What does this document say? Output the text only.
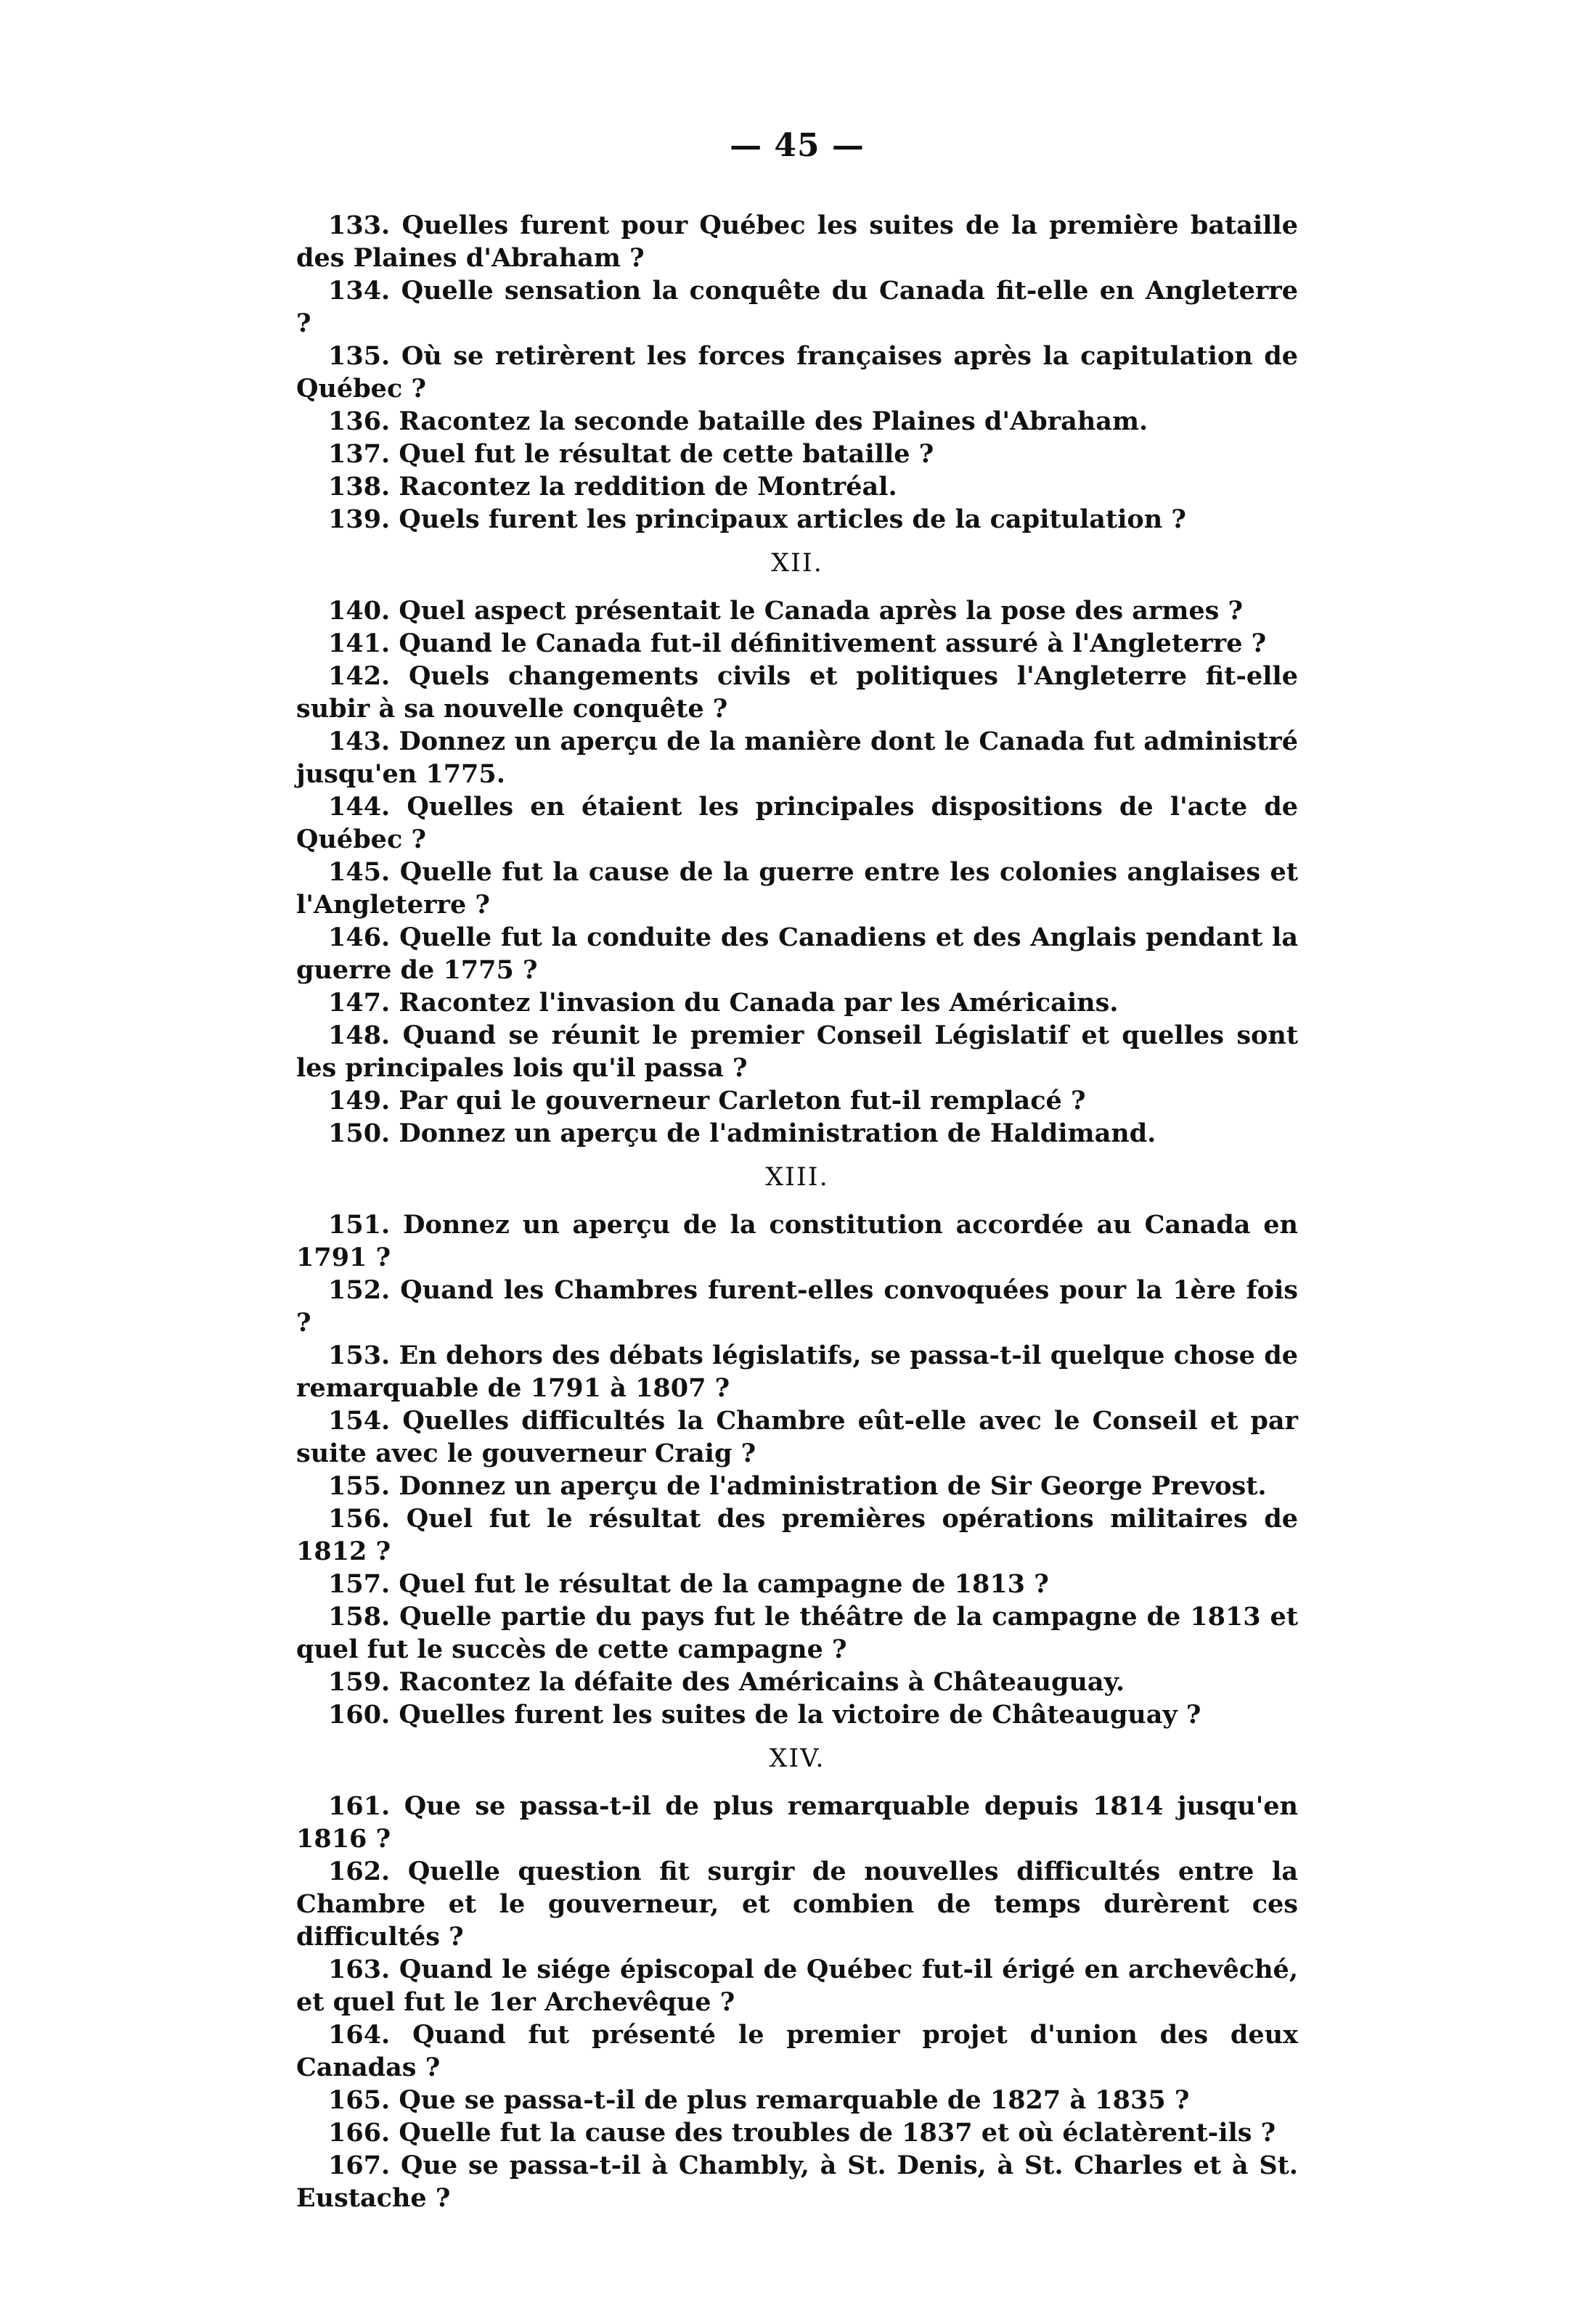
— 45 —

133. Quelles furent pour Québec les suites de la première bataille des Plaines d'Abraham ?

134. Quelle sensation la conquête du Canada fit-elle en Angleterre ?

135. Où se retirèrent les forces françaises après la capitulation de Québec ?

136. Racontez la seconde bataille des Plaines d'Abraham.

137. Quel fut le résultat de cette bataille ?

138. Racontez la reddition de Montréal.

139. Quels furent les principaux articles de la capitulation ?

XII.

140. Quel aspect présentait le Canada après la pose des armes ?

141. Quand le Canada fut-il définitivement assuré à l'Angleterre ?

142. Quels changements civils et politiques l'Angleterre fit-elle subir à sa nouvelle conquête ?

143. Donnez un aperçu de la manière dont le Canada fut administré jusqu'en 1775.

144. Quelles en étaient les principales dispositions de l'acte de Québec ?

145. Quelle fut la cause de la guerre entre les colonies anglaises et l'Angleterre ?

146. Quelle fut la conduite des Canadiens et des Anglais pendant la guerre de 1775 ?

147. Racontez l'invasion du Canada par les Américains.

148. Quand se réunit le premier Conseil Législatif et quelles sont les principales lois qu'il passa ?

149. Par qui le gouverneur Carleton fut-il remplacé ?

150. Donnez un aperçu de l'administration de Haldimand.

XIII.

151. Donnez un aperçu de la constitution accordée au Canada en 1791 ?

152. Quand les Chambres furent-elles convoquées pour la 1ère fois ?

153. En dehors des débats législatifs, se passa-t-il quelque chose de remarquable de 1791 à 1807 ?

154. Quelles difficultés la Chambre eût-elle avec le Conseil et par suite avec le gouverneur Craig ?

155. Donnez un aperçu de l'administration de Sir George Prevost.

156. Quel fut le résultat des premières opérations militaires de 1812 ?

157. Quel fut le résultat de la campagne de 1813 ?

158. Quelle partie du pays fut le théâtre de la campagne de 1813 et quel fut le succès de cette campagne ?

159. Racontez la défaite des Américains à Châteauguay.

160. Quelles furent les suites de la victoire de Châteauguay ?

XIV.

161. Que se passa-t-il de plus remarquable depuis 1814 jusqu'en 1816 ?

162. Quelle question fit surgir de nouvelles difficultés entre la Chambre et le gouverneur, et combien de temps durèrent ces difficultés ?

163. Quand le siége épiscopal de Québec fut-il érigé en archevêché, et quel fut le 1er Archevêque ?

164. Quand fut présenté le premier projet d'union des deux Canadas ?

165. Que se passa-t-il de plus remarquable de 1827 à 1835 ?

166. Quelle fut la cause des troubles de 1837 et où éclatèrent-ils ?

167. Que se passa-t-il à Chambly, à St. Denis, à St. Charles et à St. Eustache ?
